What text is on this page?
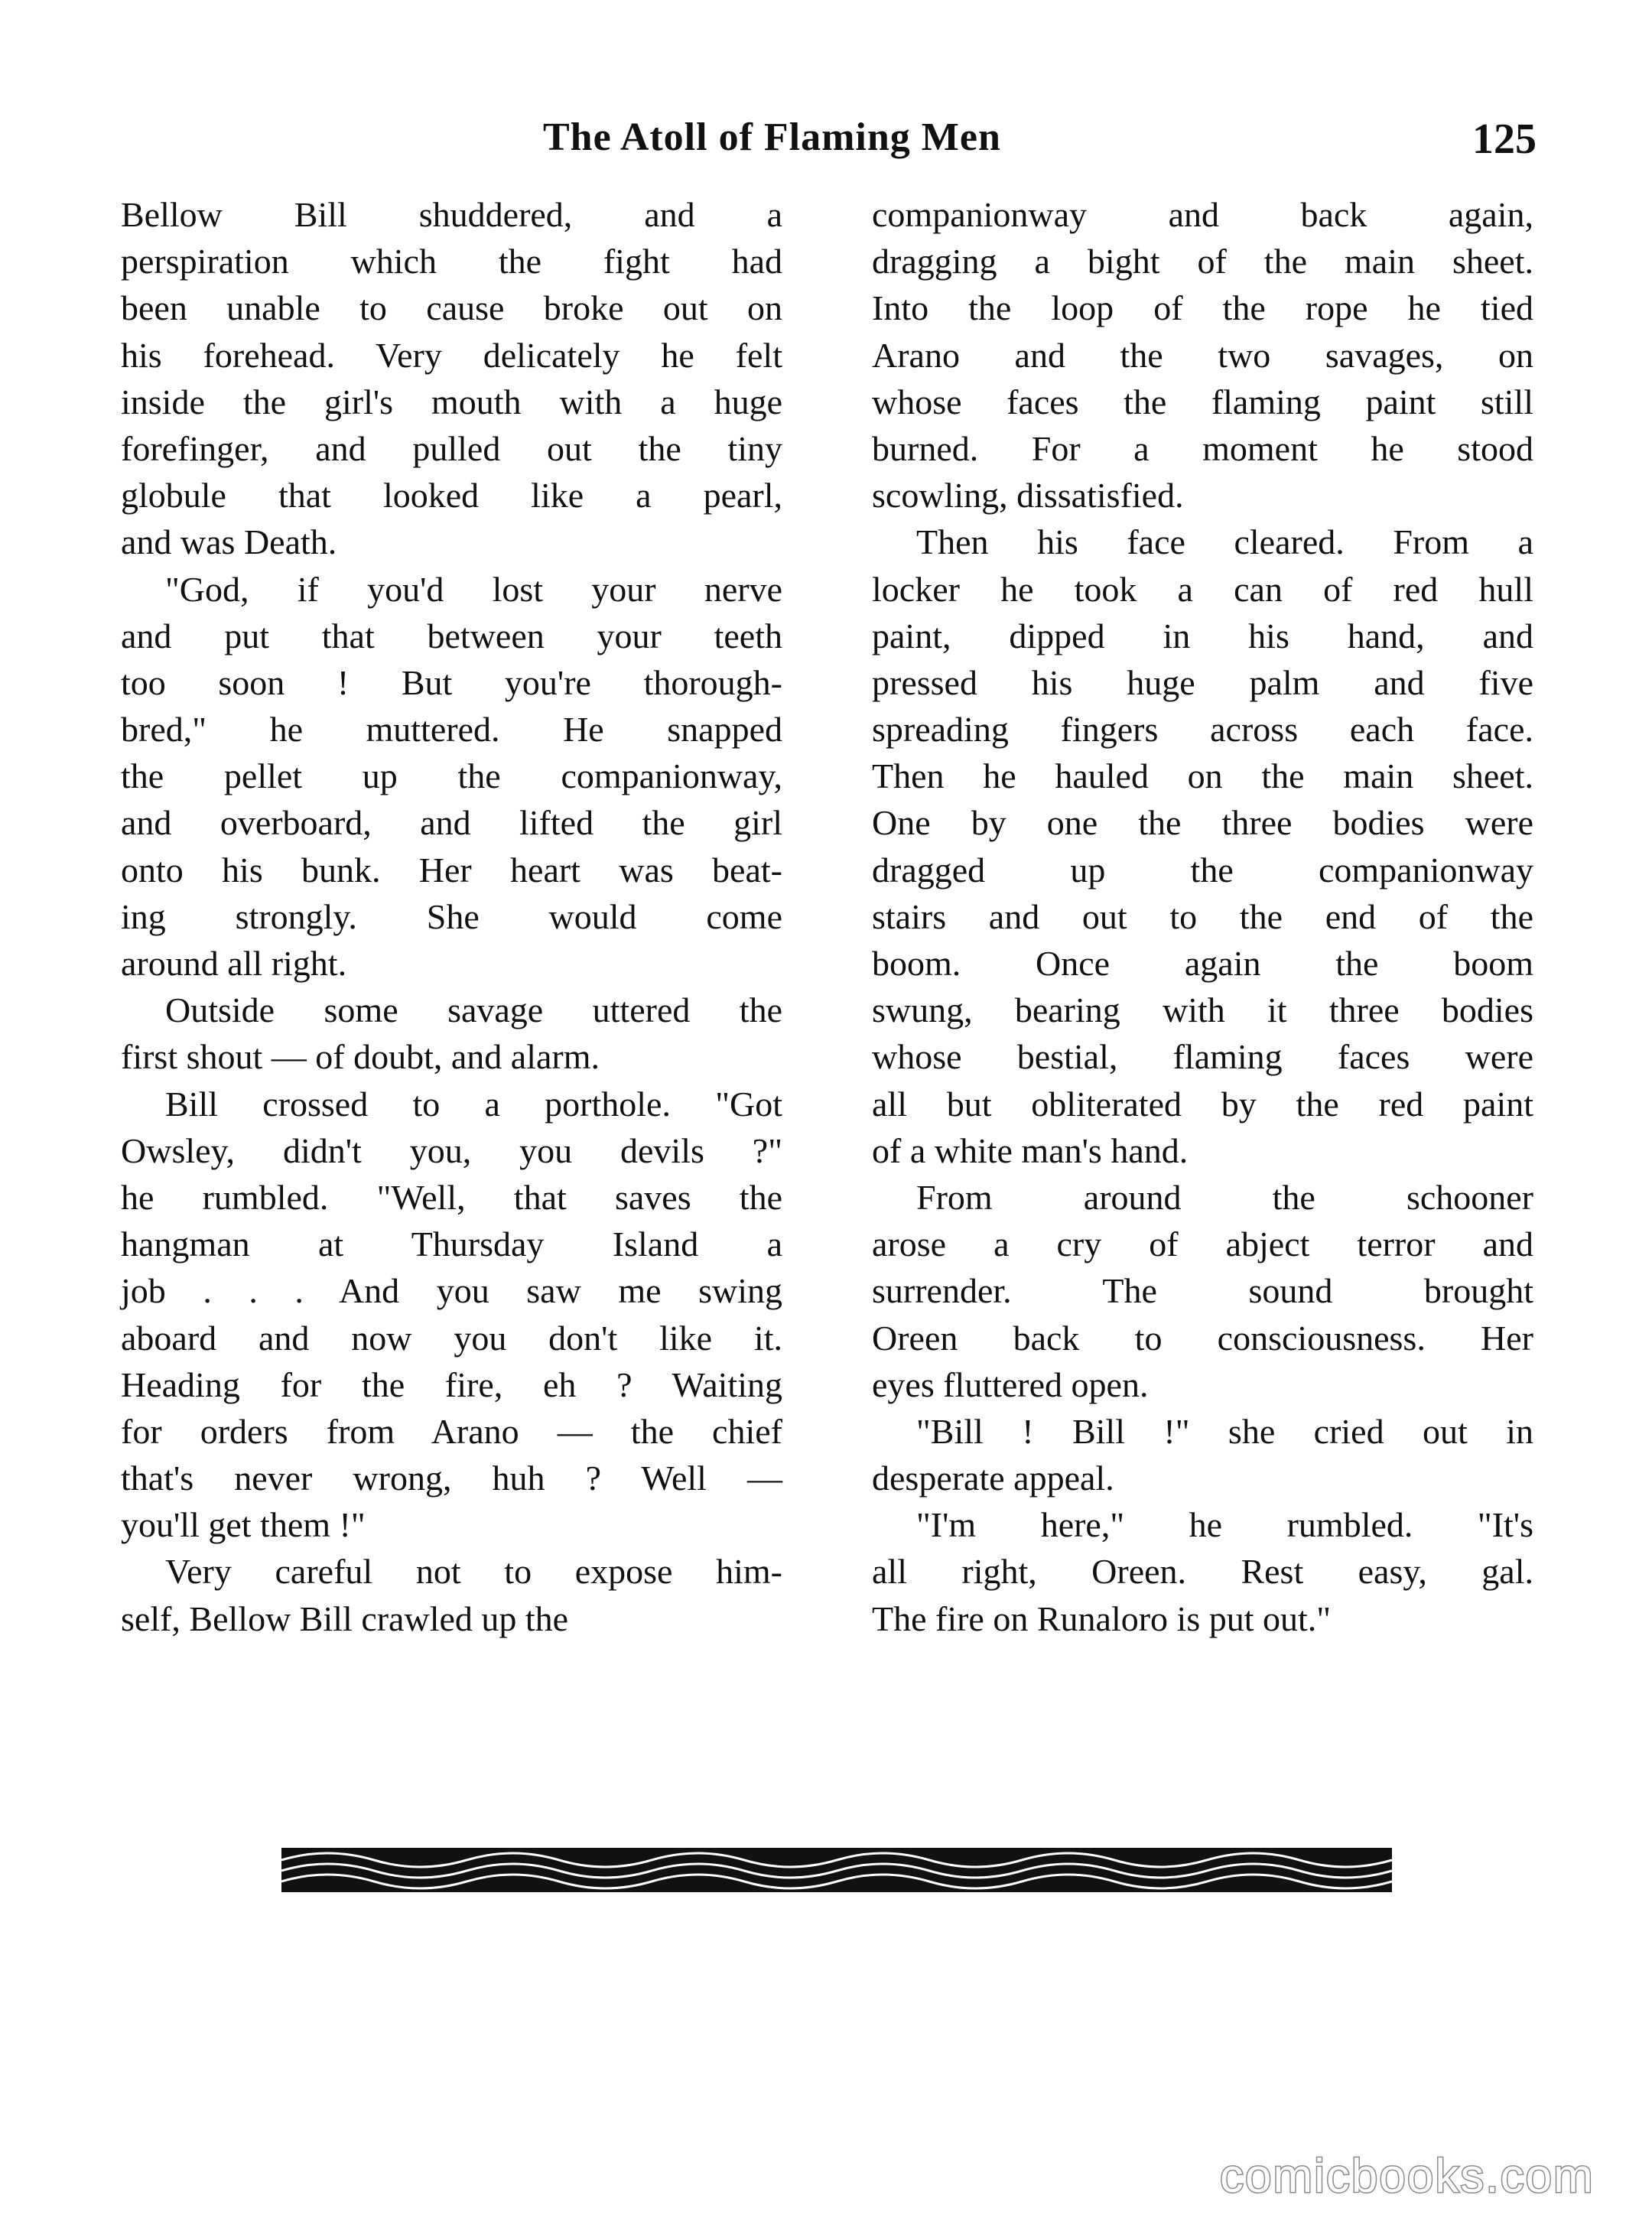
The Atoll of Flaming Men	125
Bellow Bill shuddered, and a
perspiration which the fight had
been unable to cause broke out on
his forehead. Very delicately he felt
inside the girl's mouth with a huge
forefinger, and pulled out the tiny
globule that looked like a pearl,
and was Death.
"God, if you'd lost your nerve
and put that between your teeth
too soon ! But you're thorough-
bred," he muttered. He snapped
the pellet up the companionway,
and overboard, and lifted the girl
onto his bunk. Her heart was beat-
ing strongly. She would come
around all right.
Outside some savage uttered the
first shout — of doubt, and alarm.
Bill crossed to a porthole. "Got
Owsley, didn't you, you devils ?"
he rumbled. "Well, that saves the
hangman at Thursday Island a
job . . . And you saw me swing
aboard and now you don't like it.
Heading for the fire, eh ? Waiting
for orders from Arano — the chief
that's never wrong, huh ? Well —
you'll get them !"
Very careful not to expose him-
self, Bellow Bill crawled up the
companionway and back again,
dragging a bight of the main sheet.
Into the loop of the rope he tied
Arano and the two savages, on
whose faces the flaming paint still
burned. For a moment he stood
scowling, dissatisfied.
Then his face cleared. From a
locker he took a can of red hull
paint, dipped in his hand, and
pressed his huge palm and five
spreading fingers across each face.
Then he hauled on the main sheet.
One by one the three bodies were
dragged up the companionway
stairs and out to the end of the
boom. Once again the boom
swung, bearing with it three bodies
whose bestial, flaming faces were
all but obliterated by the red paint
of a white man's hand.
From around the schooner
arose a cry of abject terror and
surrender. The sound brought
Oreen back to consciousness. Her
eyes fluttered open.
"Bill ! Bill !" she cried out in
desperate appeal.
"I'm here," he rumbled. "It's
all right, Oreen. Rest easy, gal.
The fire on Runaloro is put out."
comicbooks.com
